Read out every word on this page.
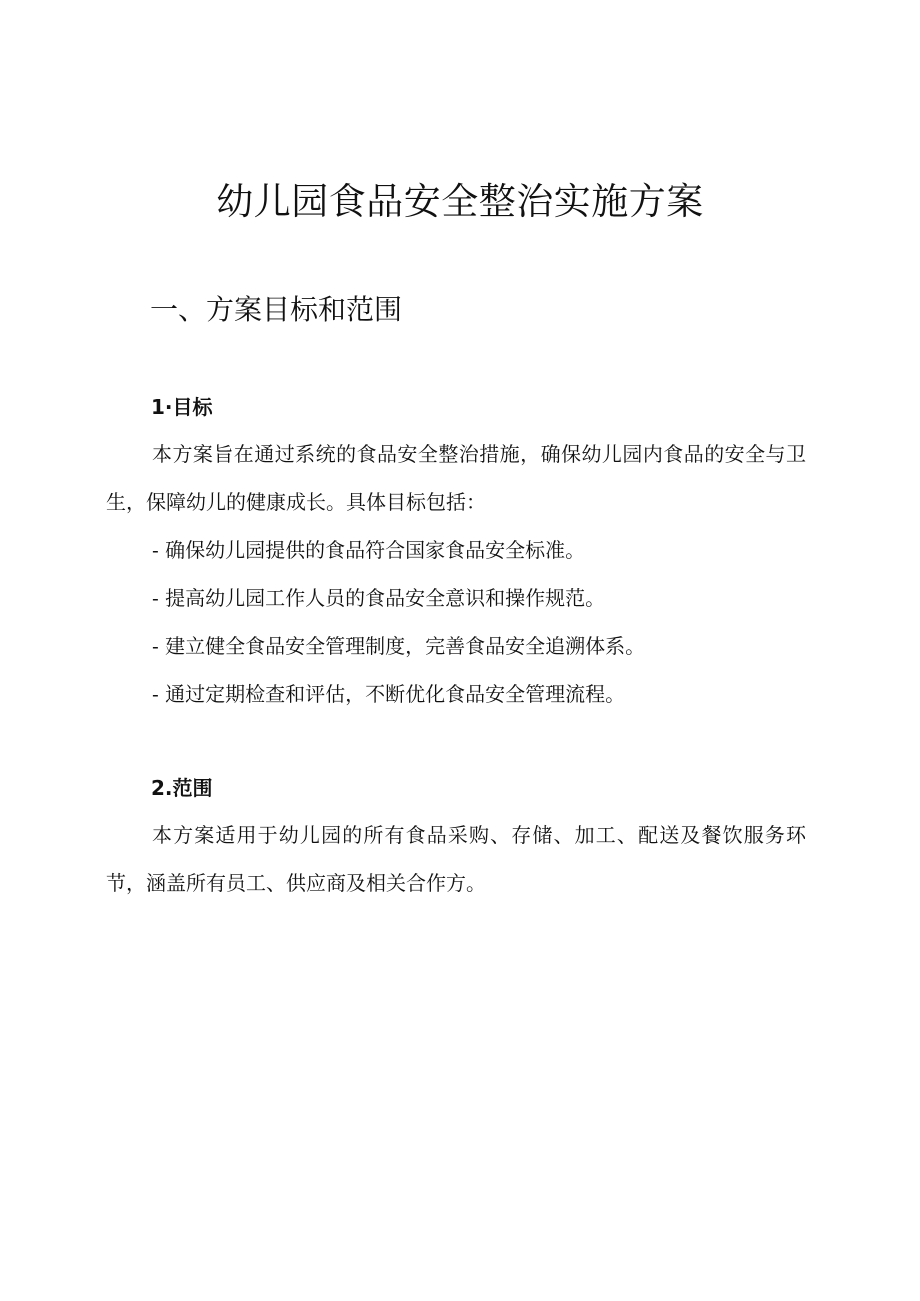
幼儿园食品安全整治实施方案
一、方案目标和范围
1·目标

本方案旨在通过系统的食品安全整治措施，确保幼儿园内食品的安全与卫生，保障幼儿的健康成长。具体目标包括：

- 确保幼儿园提供的食品符合国家食品安全标准。
- 提高幼儿园工作人员的食品安全意识和操作规范。
- 建立健全食品安全管理制度，完善食品安全追溯体系。
- 通过定期检查和评估，不断优化食品安全管理流程。
2.范围

本方案适用于幼儿园的所有食品采购、存储、加工、配送及餐饮服务环节，涵盖所有员工、供应商及相关合作方。
